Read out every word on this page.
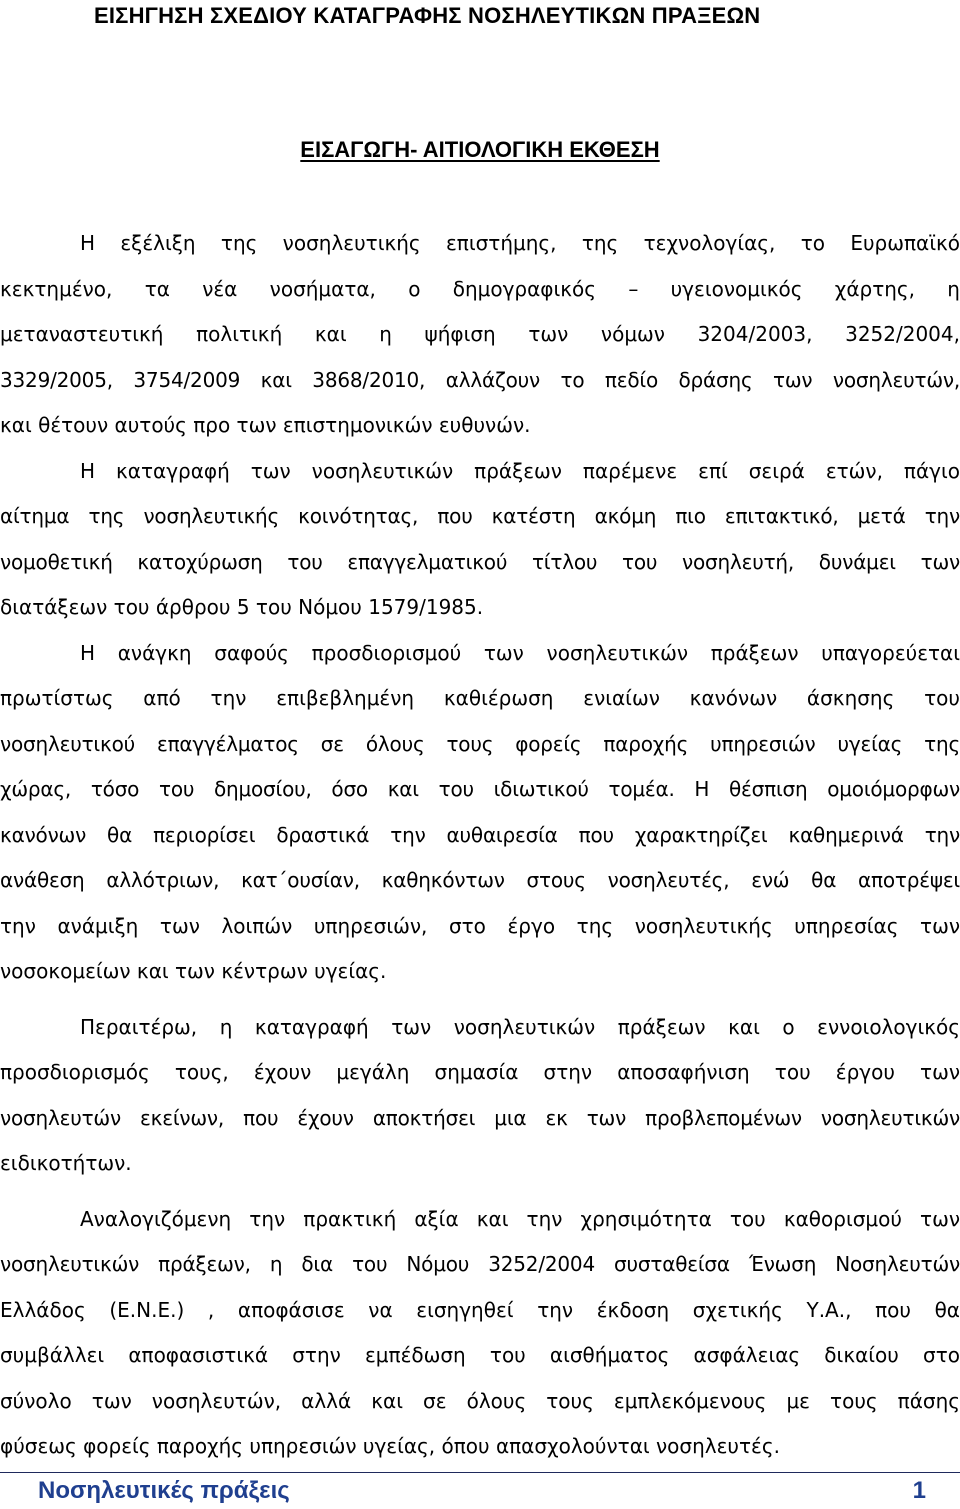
ΕΙΣΗΓΗΣΗ ΣΧΕΔΙΟΥ ΚΑΤΑΓΡΑΦΗΣ ΝΟΣΗΛΕΥΤΙΚΩΝ ΠΡΑΞΕΩΝ
ΕΙΣΑΓΩΓΗ- ΑΙΤΙΟΛΟΓΙΚΗ ΕΚΘΕΣΗ
Η εξέλιξη της νοσηλευτικής επιστήμης, της τεχνολογίας, το Ευρωπαϊκό
κεκτημένο, τα νέα νοσήματα, ο δημογραφικός – υγειονομικός χάρτης, η
μεταναστευτική πολιτική και η ψήφιση των νόμων 3204/2003, 3252/2004,
3329/2005, 3754/2009 και 3868/2010, αλλάζουν το πεδίο δράσης των νοσηλευτών,
και θέτουν αυτούς προ των επιστημονικών ευθυνών.
Η καταγραφή των νοσηλευτικών πράξεων παρέμενε επί σειρά ετών, πάγιο
αίτημα της νοσηλευτικής κοινότητας, που κατέστη ακόμη πιο επιτακτικό, μετά την
νομοθετική κατοχύρωση του επαγγελματικού τίτλου του νοσηλευτή, δυνάμει των
διατάξεων του άρθρου 5 του Νόμου 1579/1985.
Η ανάγκη σαφούς προσδιορισμού των νοσηλευτικών πράξεων υπαγορεύεται
πρωτίστως από την επιβεβλημένη καθιέρωση ενιαίων κανόνων άσκησης του
νοσηλευτικού επαγγέλματος σε όλους τους φορείς παροχής υπηρεσιών υγείας της
χώρας, τόσο του δημοσίου, όσο και του ιδιωτικού τομέα. Η θέσπιση ομοιόμορφων
κανόνων θα περιορίσει δραστικά την αυθαιρεσία που χαρακτηρίζει καθημερινά την
ανάθεση αλλότριων, κατ΄ουσίαν, καθηκόντων στους νοσηλευτές, ενώ θα αποτρέψει
την ανάμιξη των λοιπών υπηρεσιών, στο έργο της νοσηλευτικής υπηρεσίας των
νοσοκομείων και των κέντρων υγείας.
Περαιτέρω, η καταγραφή των νοσηλευτικών πράξεων και ο εννοιολογικός
προσδιορισμός τους, έχουν μεγάλη σημασία στην αποσαφήνιση του έργου των
νοσηλευτών εκείνων, που έχουν αποκτήσει μια εκ των προβλεπομένων νοσηλευτικών
ειδικοτήτων.
Αναλογιζόμενη την πρακτική αξία και την χρησιμότητα του καθορισμού των
νοσηλευτικών πράξεων, η δια του Νόμου 3252/2004 συσταθείσα Ένωση Νοσηλευτών
Ελλάδος (Ε.Ν.Ε.) , αποφάσισε να εισηγηθεί την έκδοση σχετικής Υ.Α., που θα
συμβάλλει αποφασιστικά στην εμπέδωση του αισθήματος ασφάλειας δικαίου στο
σύνολο των νοσηλευτών, αλλά και σε όλους τους εμπλεκόμενους με τους πάσης
φύσεως φορείς παροχής υπηρεσιών υγείας, όπου απασχολούνται νοσηλευτές.
Νοσηλευτικές πράξεις	1
